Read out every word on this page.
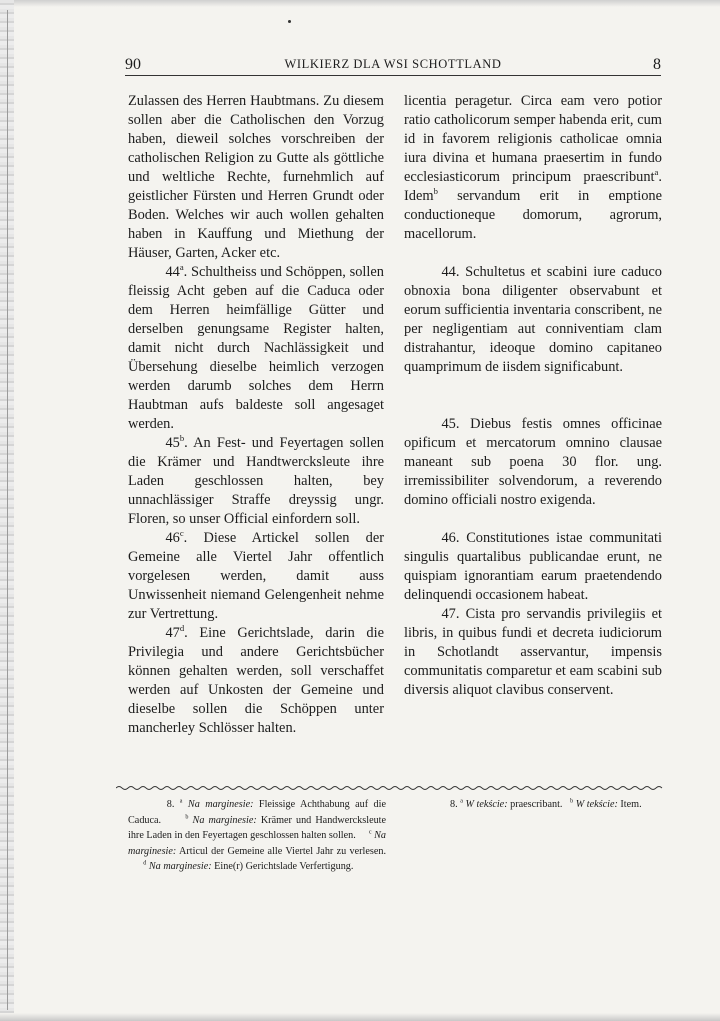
90	WILKIERZ DLA WSI SCHOTTLAND	8

Zulassen des Herren Haubtmans. Zu diesem sollen aber die Catholischen den Vorzug haben, dieweil solches vorschreiben der catholischen Religion zu Gutte als göttliche und weltliche Rechte, furnehmlich auf geistlicher Fürsten und Herren Grundt oder Boden. Welches wir auch wollen gehalten haben in Kauffung und Miethung der Häuser, Garten, Acker etc.

44$^a$. Schultheiss und Schöppen, sollen fleissig Acht geben auf die Caduca oder dem Herren heimfällige Gütter und derselben genungsame Register halten, damit nicht durch Nachlässigkeit und Übersehung dieselbe heimlich verzogen werden darumb solches dem Herrn Haubtman aufs baldeste soll angesaget werden.

45$^b$. An Fest- und Feyertagen sollen die Krämer und Handtwercksleute ihre Laden geschlossen halten, bey unnachlässiger Straffe dreyssig ungr. Floren, so unser Official einfordern soll.

46$^c$. Diese Artickel sollen der Gemeine alle Viertel Jahr offentlich vorgelesen werden, damit auss Unwissenheit niemand Gelengenheit nehme zur Vertrettung.

47$^d$. Eine Gerichtslade, darin die Privilegia und andere Gerichtsbücher können gehalten werden, soll verschaffet werden auf Unkosten der Gemeine und dieselbe sollen die Schöppen unter mancherley Schlösser halten.

licentia peragetur. Circa eam vero potior ratio catholicorum semper habenda erit, cum id in favorem religionis catholicae omnia iura divina et humana praesertim in fundo ecclesiasticorum principum praescribunt$^a$. Idem$^b$ servandum erit in emptione conductioneque domorum, agrorum, macellorum.

44. Schultetus et scabini iure caduco obnoxia bona diligenter observabunt et eorum sufficientia inventaria conscribent, ne per negligentiam aut conniventiam clam distrahantur, ideoque domino capitaneo quamprimum de iisdem significabunt.

45. Diebus festis omnes officinae opificum et mercatorum omnino clausae maneant sub poena 30 flor. ung. irremissibiliter solvendorum, a reverendo domino officiali nostro exigenda.

46. Constitutiones istae communitati singulis quartalibus publicandae erunt, ne quispiam ignorantiam earum praetendendo delinquendi occasionem habeat.

47. Cista pro servandis privilegiis et libris, in quibus fundi et decreta iudiciorum in Schotlandt asservantur, impensis communitatis comparetur et eam scabini sub diversis aliquot clavibus conservent.

8. $^a$ Na marginesie: Fleissige Achthabung auf die Caduca.	$^b$ Na marginesie: Krämer und Handwercksleute ihre Laden in den Feyertagen geschlossen halten sollen. $^c$ Na marginesie: Articul der Gemeine alle Viertel Jahr zu verlesen.       $^d$ Na marginesie: Eine(r) Gerichtslade Verfertigung.

8. $^a$ W tekście: praescribant. $^b$ W tekście: Item.
